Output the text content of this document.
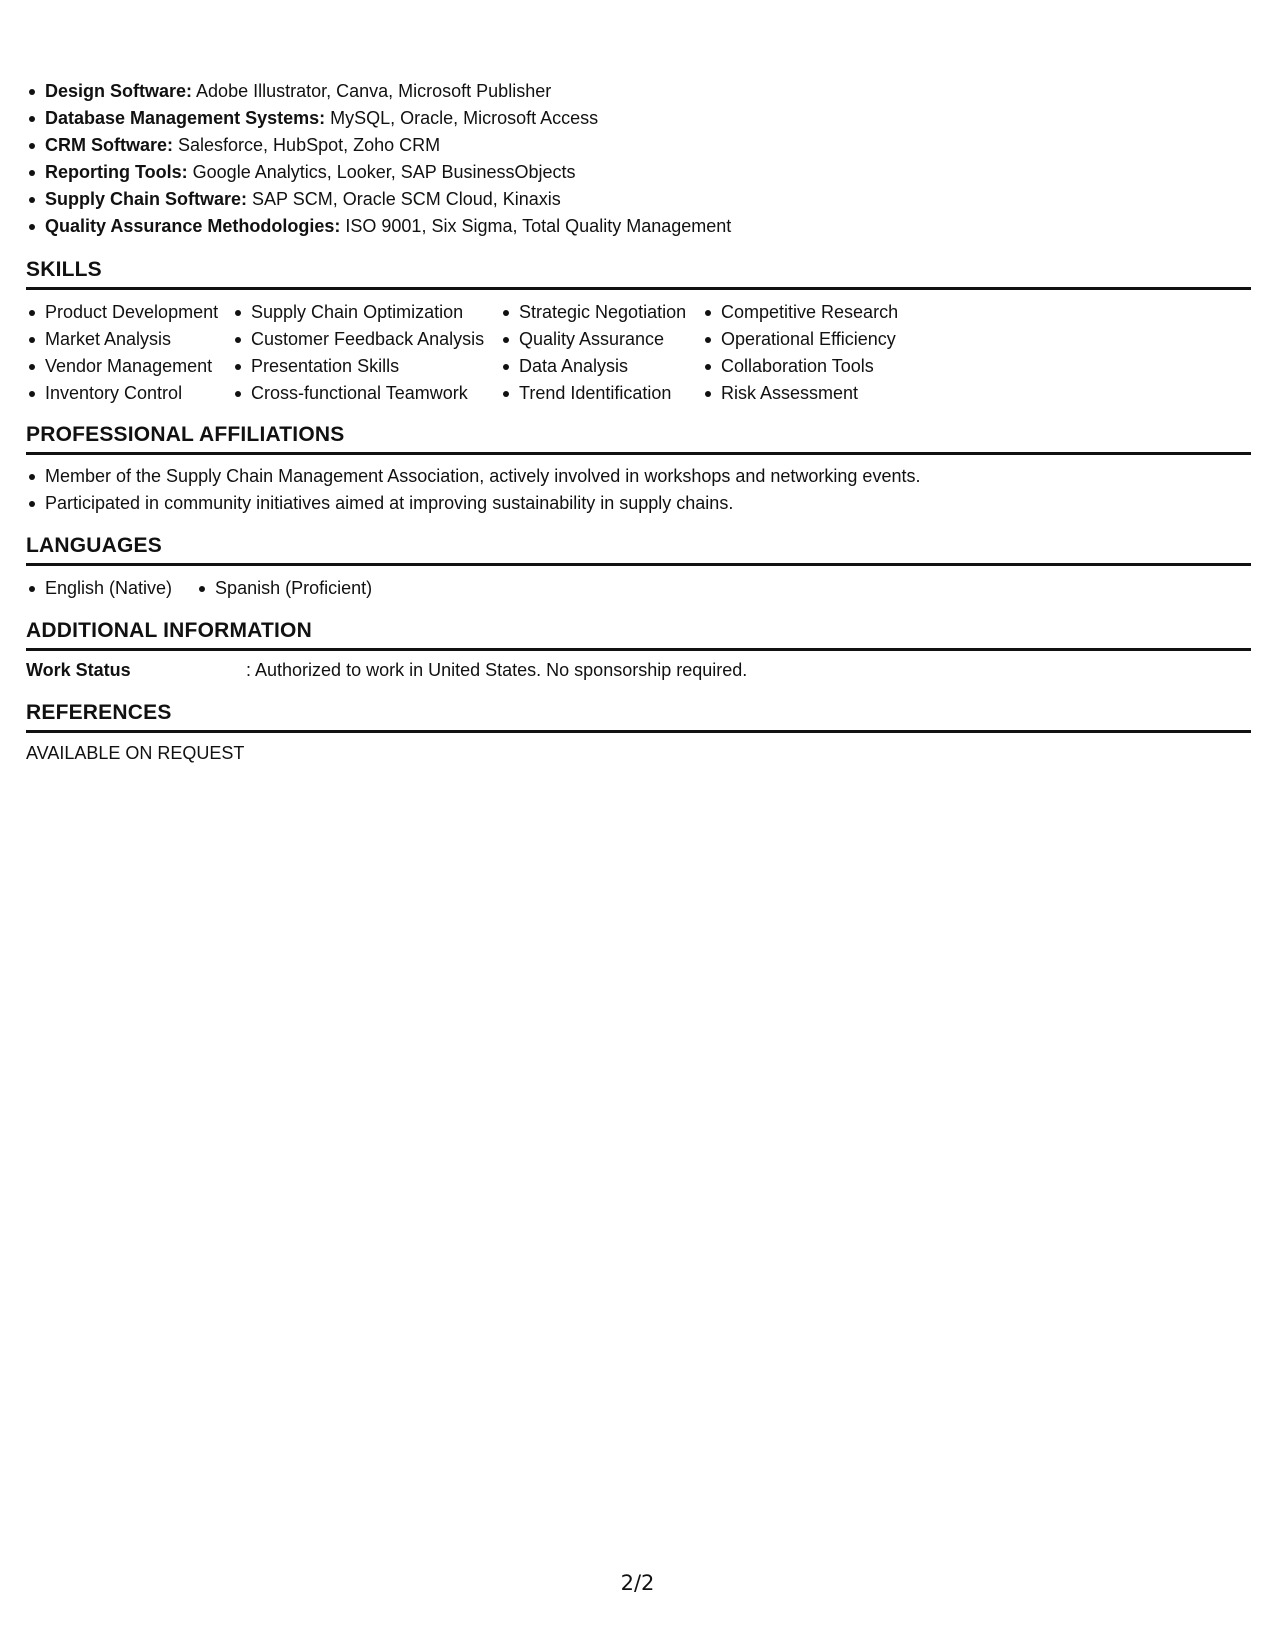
Design Software: Adobe Illustrator, Canva, Microsoft Publisher
Database Management Systems: MySQL, Oracle, Microsoft Access
CRM Software: Salesforce, HubSpot, Zoho CRM
Reporting Tools: Google Analytics, Looker, SAP BusinessObjects
Supply Chain Software: SAP SCM, Oracle SCM Cloud, Kinaxis
Quality Assurance Methodologies: ISO 9001, Six Sigma, Total Quality Management
SKILLS
Product Development
Market Analysis
Vendor Management
Inventory Control
Supply Chain Optimization
Customer Feedback Analysis
Presentation Skills
Cross-functional Teamwork
Strategic Negotiation
Quality Assurance
Data Analysis
Trend Identification
Competitive Research
Operational Efficiency
Collaboration Tools
Risk Assessment
PROFESSIONAL AFFILIATIONS
Member of the Supply Chain Management Association, actively involved in workshops and networking events.
Participated in community initiatives aimed at improving sustainability in supply chains.
LANGUAGES
English (Native)	Spanish (Proficient)
ADDITIONAL INFORMATION
Work Status	: Authorized to work in United States. No sponsorship required.
REFERENCES
AVAILABLE ON REQUEST
2/2
